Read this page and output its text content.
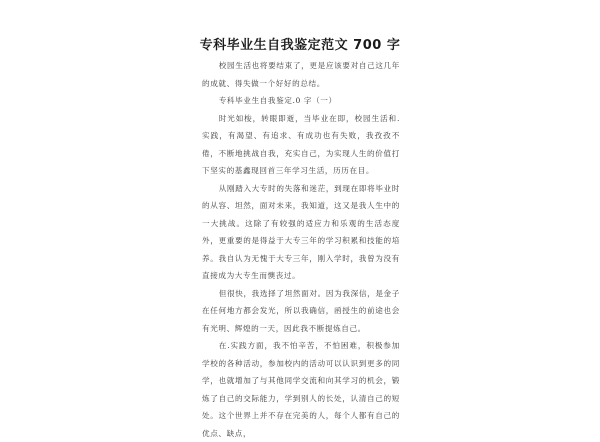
专科毕业生自我鉴定范文 700 字

校园生活也将要结束了，更是应该要对自己这几年的成就、得失做一个好好的总结。

专科毕业生自我鉴定.0 字（一）

时光如梭，转眼即逝，当毕业在即，校园生活和.实践，有渴望、有追求、有成功也有失败，我孜孜不倦，不断地挑战自我，充实自己，为实现人生的价值打下坚实的基鑫现回首三年学习生活，历历在目。

从刚踏入大专时的失落和迷茫，到现在即将毕业时的从容、坦然，面对未来，我知道，这又是我人生中的一大挑战。这除了有较强的适应力和乐观的生活态度外，更重要的是得益于大专三年的学习积累和技能的培养。我自认为无愧于大专三年，刚入学时，我曾为没有直接成为大专生而懊丧过。

但很快，我选择了坦然面对。因为我深信，是金子在任何地方都会发光，所以我确信，函授生的前途也会有光明、辉煌的一天，因此我不断提炼自己。

在.实践方面，我不怕辛苦，不怕困难，积极参加学校的各种活动，参加校内的活动可以认识到更多的同学，也就增加了与其他同学交流和向其学习的机会，锻炼了自己的交际能力，学到别人的长处，认清自己的短处。这个世界上并不存在完美的人，每个人都有自己的优点、缺点，
